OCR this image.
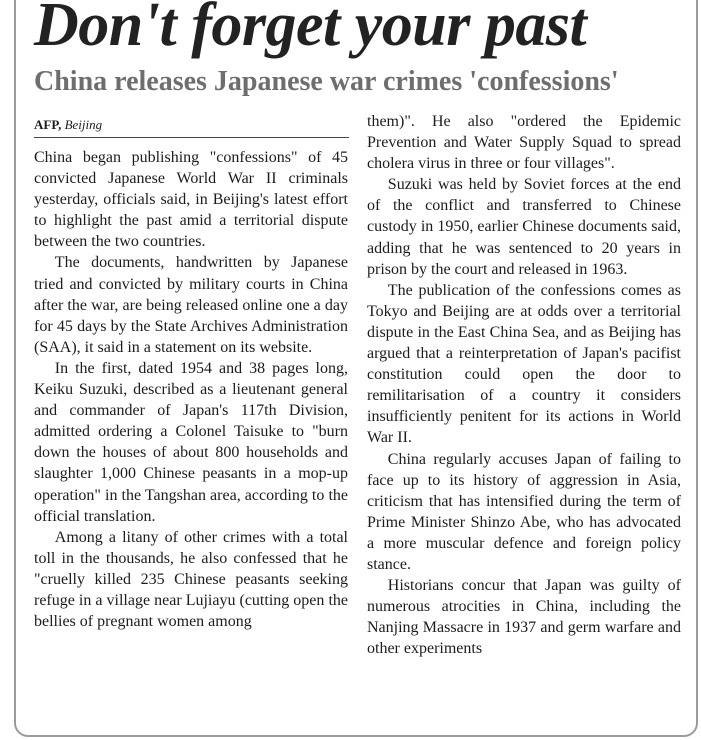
Don't forget your past
China releases Japanese war crimes 'confessions'
AFP, Beijing

China began publishing "confessions" of 45 convicted Japanese World War II criminals yesterday, officials said, in Beijing's latest effort to highlight the past amid a territorial dispute between the two countries.

The documents, handwritten by Japanese tried and convicted by military courts in China after the war, are being released online one a day for 45 days by the State Archives Administration (SAA), it said in a statement on its website.

In the first, dated 1954 and 38 pages long, Keiku Suzuki, described as a lieutenant general and commander of Japan's 117th Division, admitted ordering a Colonel Taisuke to "burn down the houses of about 800 households and slaughter 1,000 Chinese peasants in a mop-up operation" in the Tangshan area, according to the official translation.

Among a litany of other crimes with a total toll in the thousands, he also confessed that he "cruelly killed 235 Chinese peasants seeking refuge in a village near Lujiayu (cutting open the bellies of pregnant women among

them)". He also "ordered the Epidemic Prevention and Water Supply Squad to spread cholera virus in three or four villages".

Suzuki was held by Soviet forces at the end of the conflict and transferred to Chinese custody in 1950, earlier Chinese documents said, adding that he was sentenced to 20 years in prison by the court and released in 1963.

The publication of the confessions comes as Tokyo and Beijing are at odds over a territorial dispute in the East China Sea, and as Beijing has argued that a reinterpretation of Japan's pacifist constitution could open the door to remilitarisation of a country it considers insufficiently penitent for its actions in World War II.

China regularly accuses Japan of failing to face up to its history of aggression in Asia, criticism that has intensified during the term of Prime Minister Shinzo Abe, who has advocated a more muscular defence and foreign policy stance.

Historians concur that Japan was guilty of numerous atrocities in China, including the Nanjing Massacre in 1937 and germ warfare and other experiments
